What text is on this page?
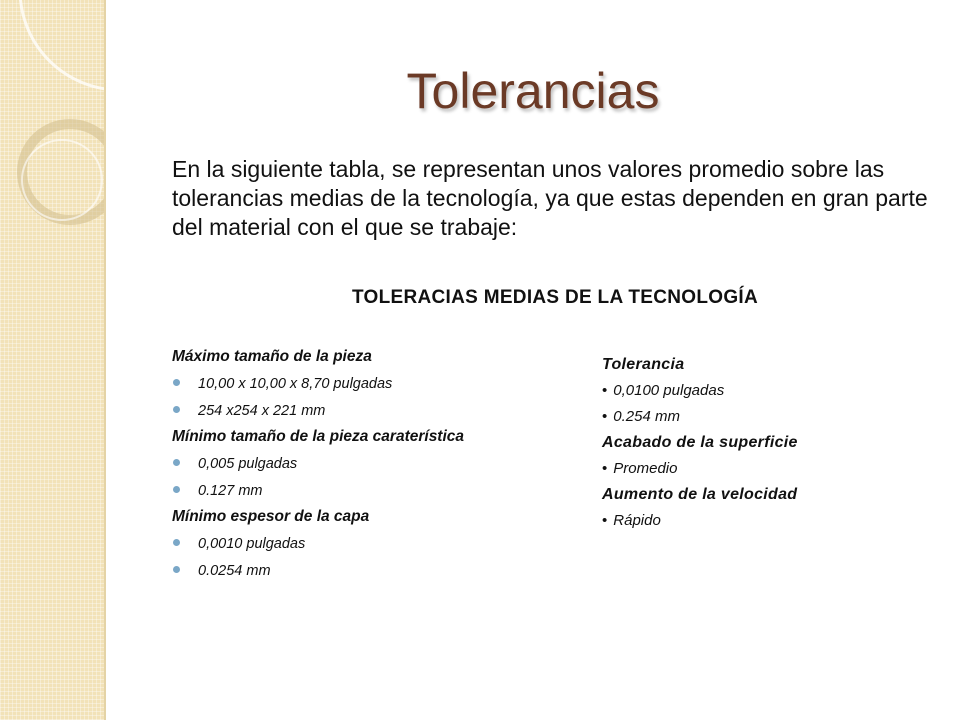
Tolerancias

En la siguiente tabla, se representan unos valores promedio sobre las tolerancias medias de la tecnología, ya que estas dependen en gran parte del material con el que se trabaje:

TOLERACIAS MEDIAS DE LA TECNOLOGÍA
Máximo tamaño de la pieza
10,00 x 10,00 x 8,70 pulgadas
254 x254 x 221 mm
Mínimo tamaño de la pieza caraterística
0,005 pulgadas
0.127 mm
Mínimo espesor de la capa
0,0010 pulgadas
0.0254 mm
Tolerancia
• 0,0100 pulgadas
• 0.254 mm
Acabado de la superficie
• Promedio
Aumento de la velocidad
• Rápido
